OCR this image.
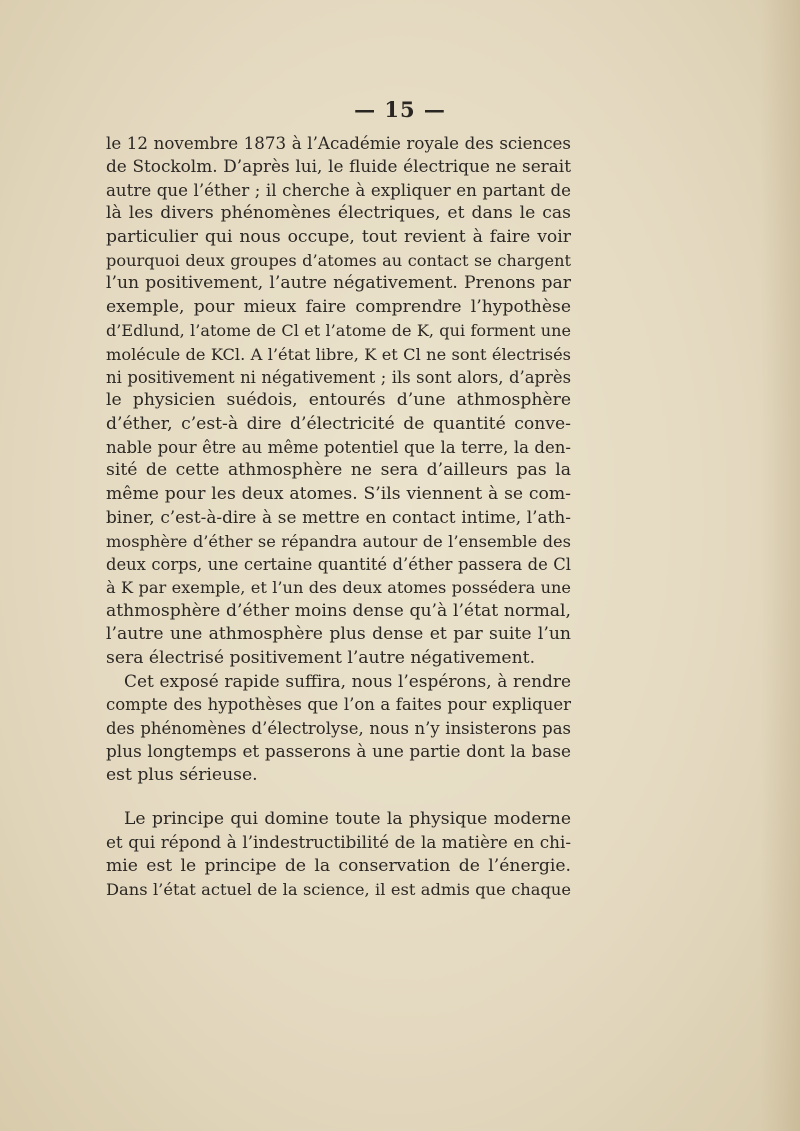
— 15 —
le 12 novembre 1873 à l’Académie royale des sciences
de Stockolm. D’après lui, le fluide électrique ne serait
autre que l’éther ; il cherche à expliquer en partant de
là les divers phénomènes électriques, et dans le cas
particulier qui nous occupe, tout revient à faire voir
pourquoi deux groupes d’atomes au contact se chargent
l’un positivement, l’autre négativement. Prenons par
exemple, pour mieux faire comprendre l’hypothèse
d’Edlund, l’atome de Cl et l’atome de K, qui forment une
molécule de KCl. A l’état libre, K et Cl ne sont électrisés
ni positivement ni négativement ; ils sont alors, d’après
le physicien suédois, entourés d’une athmosphère
d’éther, c’est-à dire d’électricité de quantité conve-
nable pour être au même potentiel que la terre, la den-
sité de cette athmosphère ne sera d’ailleurs pas la
même pour les deux atomes. S’ils viennent à se com-
biner, c’est-à-dire à se mettre en contact intime, l’ath-
mosphère d’éther se répandra autour de l’ensemble des
deux corps, une certaine quantité d’éther passera de Cl
à K par exemple, et l’un des deux atomes possédera une
athmosphère d’éther moins dense qu’à l’état normal,
l’autre une athmosphère plus dense et par suite l’un
sera électrisé positivement l’autre négativement.
Cet exposé rapide suffira, nous l’espérons, à rendre
compte des hypothèses que l’on a faites pour expliquer
des phénomènes d’électrolyse, nous n’y insisterons pas
plus longtemps et passerons à une partie dont la base
est plus sérieuse.
Le principe qui domine toute la physique moderne
et qui répond à l’indestructibilité de la matière en chi-
mie est le principe de la conservation de l’énergie.
Dans l’état actuel de la science, il est admis que chaque
